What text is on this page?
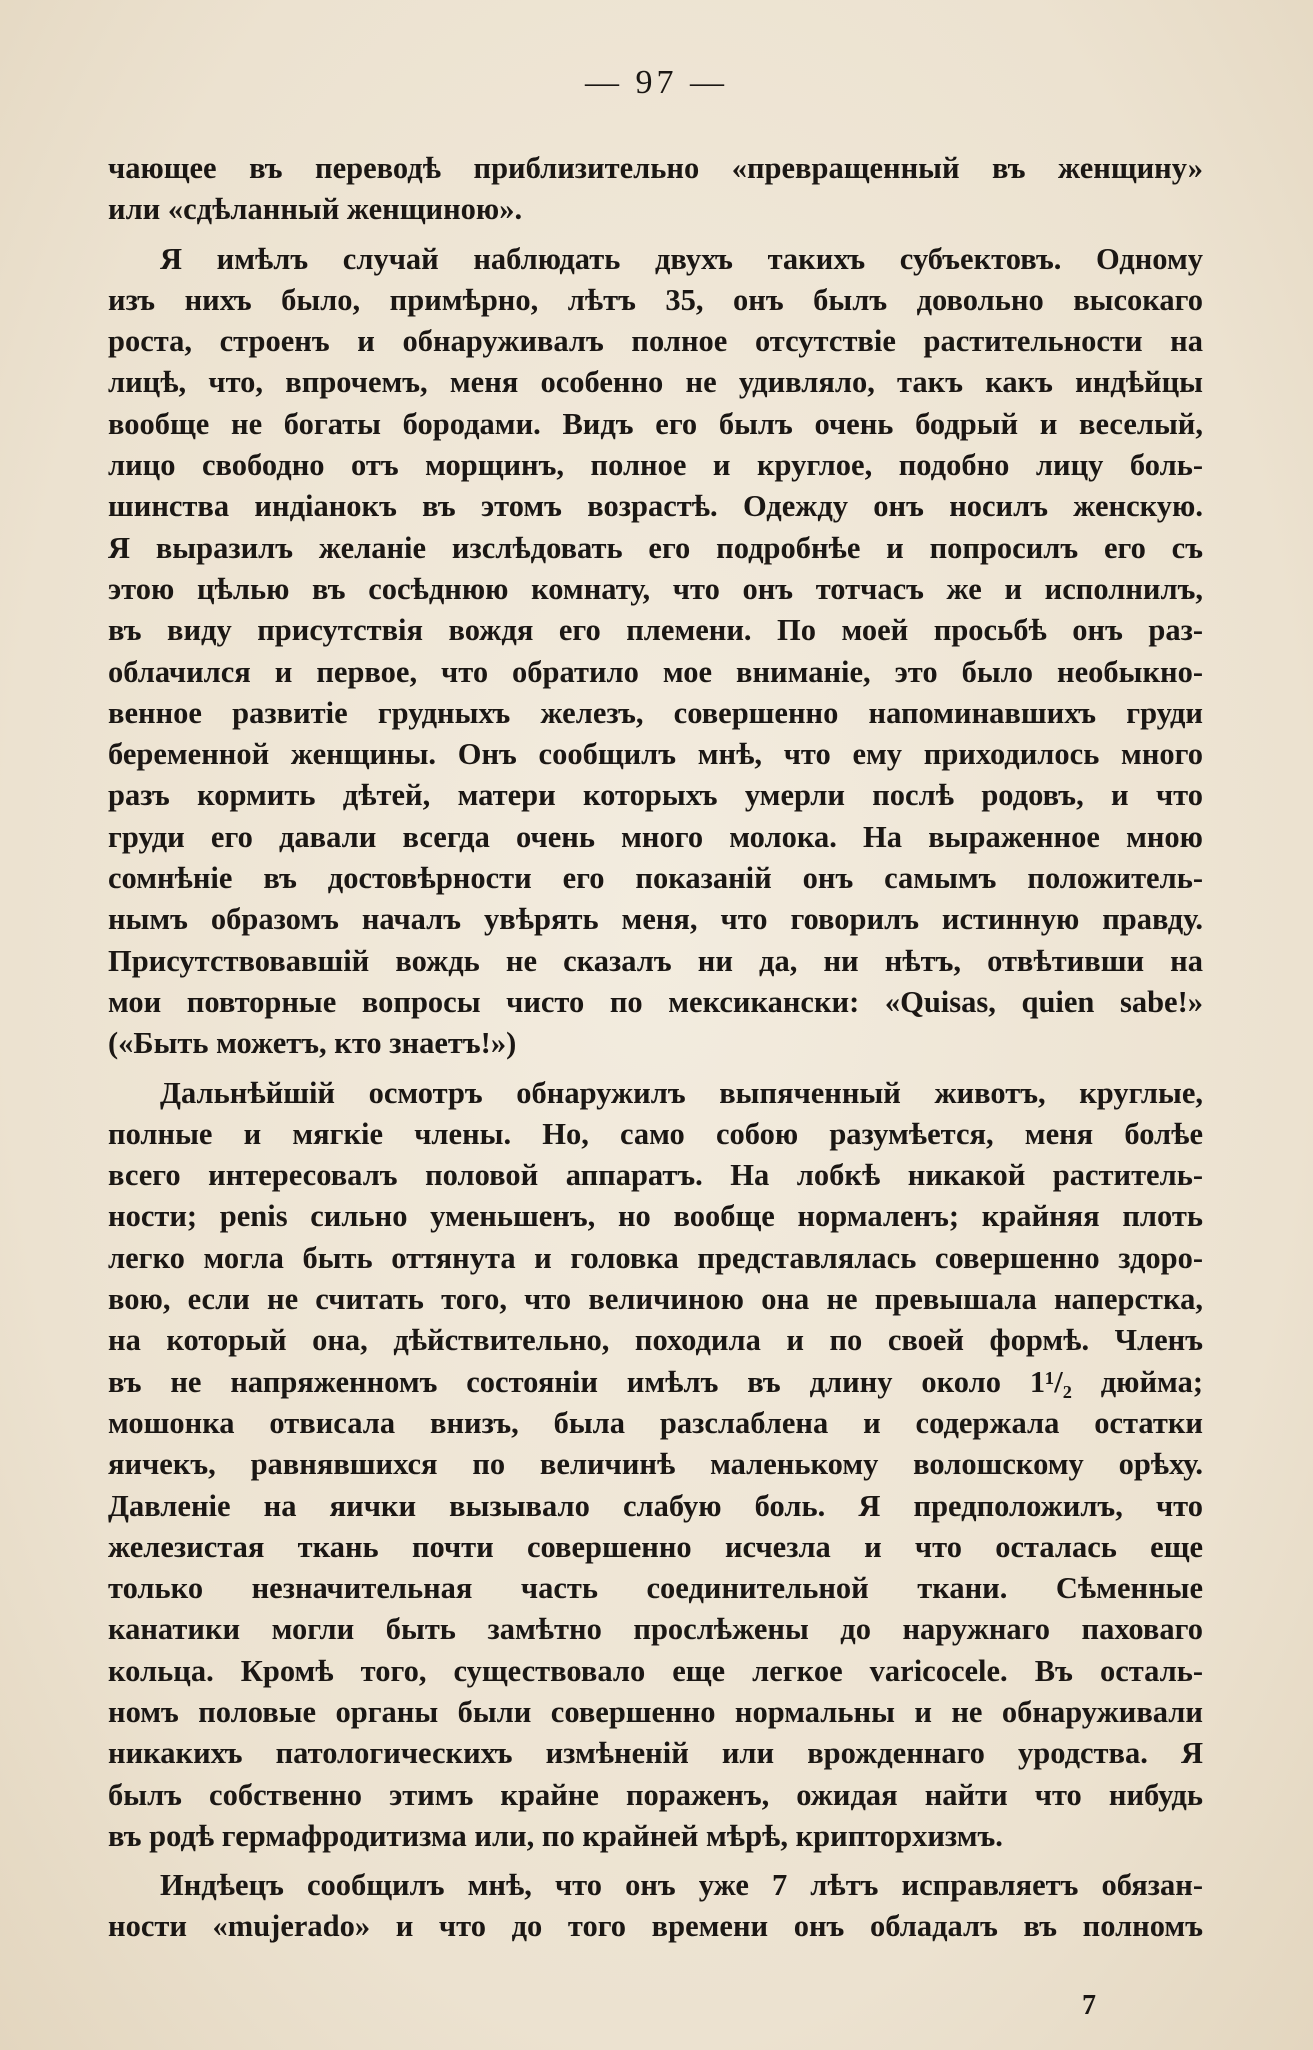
— 97 —

чающее въ переводѣ приблизительно «превращенный въ женщину»
или «сдѣланный женщиною».

Я имѣлъ случай наблюдать двухъ такихъ субъектовъ. Одному
изъ нихъ было, примѣрно, лѣтъ 35, онъ былъ довольно высокаго
роста, строенъ и обнаруживалъ полное отсутствіе растительности на
лицѣ, что, впрочемъ, меня особенно не удивляло, такъ какъ индѣйцы
вообще не богаты бородами. Видъ его былъ очень бодрый и веселый,
лицо свободно отъ морщинъ, полное и круглое, подобно лицу боль-
шинства индіанокъ въ этомъ возрастѣ. Одежду онъ носилъ женскую.
Я выразилъ желаніе изслѣдовать его подробнѣе и попросилъ его съ
этою цѣлью въ сосѣднюю комнату, что онъ тотчасъ же и исполнилъ,
въ виду присутствія вождя его племени. По моей просьбѣ онъ раз-
облачился и первое, что обратило мое вниманіе, это было необыкно-
венное развитіе грудныхъ железъ, совершенно напоминавшихъ груди
беременной женщины. Онъ сообщилъ мнѣ, что ему приходилось много
разъ кормить дѣтей, матери которыхъ умерли послѣ родовъ, и что
груди его давали всегда очень много молока. На выраженное мною
сомнѣніе въ достовѣрности его показаній онъ самымъ положитель-
нымъ образомъ началъ увѣрять меня, что говорилъ истинную правду.
Присутствовавшій вождь не сказалъ ни да, ни нѣтъ, отвѣтивши на
мои повторные вопросы чисто по мексикански: «Quisas, quien sabe!»
(«Быть можетъ, кто знаетъ!»)

Дальнѣйшій осмотръ обнаружилъ выпяченный животъ, круглые,
полные и мягкіе члены. Но, само собою разумѣется, меня болѣе
всего интересовалъ половой аппаратъ. На лобкѣ никакой раститель-
ности; penis сильно уменьшенъ, но вообще нормаленъ; крайняя плоть
легко могла быть оттянута и головка представлялась совершенно здоро-
вою, если не считать того, что величиною она не превышала наперстка,
на который она, дѣйствительно, походила и по своей формѣ. Членъ
въ не напряженномъ состояніи имѣлъ въ длину около 1¹/₂ дюйма;
мошонка отвисала внизъ, была разслаблена и содержала остатки
яичекъ, равнявшихся по величинѣ маленькому волошскому орѣху.
Давленіе на яички вызывало слабую боль. Я предположилъ, что
железистая ткань почти совершенно исчезла и что осталась еще
только незначительная часть соединительной ткани. Сѣменные
канатики могли быть замѣтно прослѣжены до наружнаго паховаго
кольца. Кромѣ того, существовало еще легкое varicocele. Въ осталь-
номъ половые органы были совершенно нормальны и не обнаруживали
никакихъ патологическихъ измѣненій или врожденнаго уродства. Я
былъ собственно этимъ крайне пораженъ, ожидая найти что нибудь
въ родѣ гермафродитизма или, по крайней мѣрѣ, крипторхизмъ.

Индѣецъ сообщилъ мнѣ, что онъ уже 7 лѣтъ исправляетъ обязан-
ности «mujerado» и что до того времени онъ обладалъ въ полномъ

7
